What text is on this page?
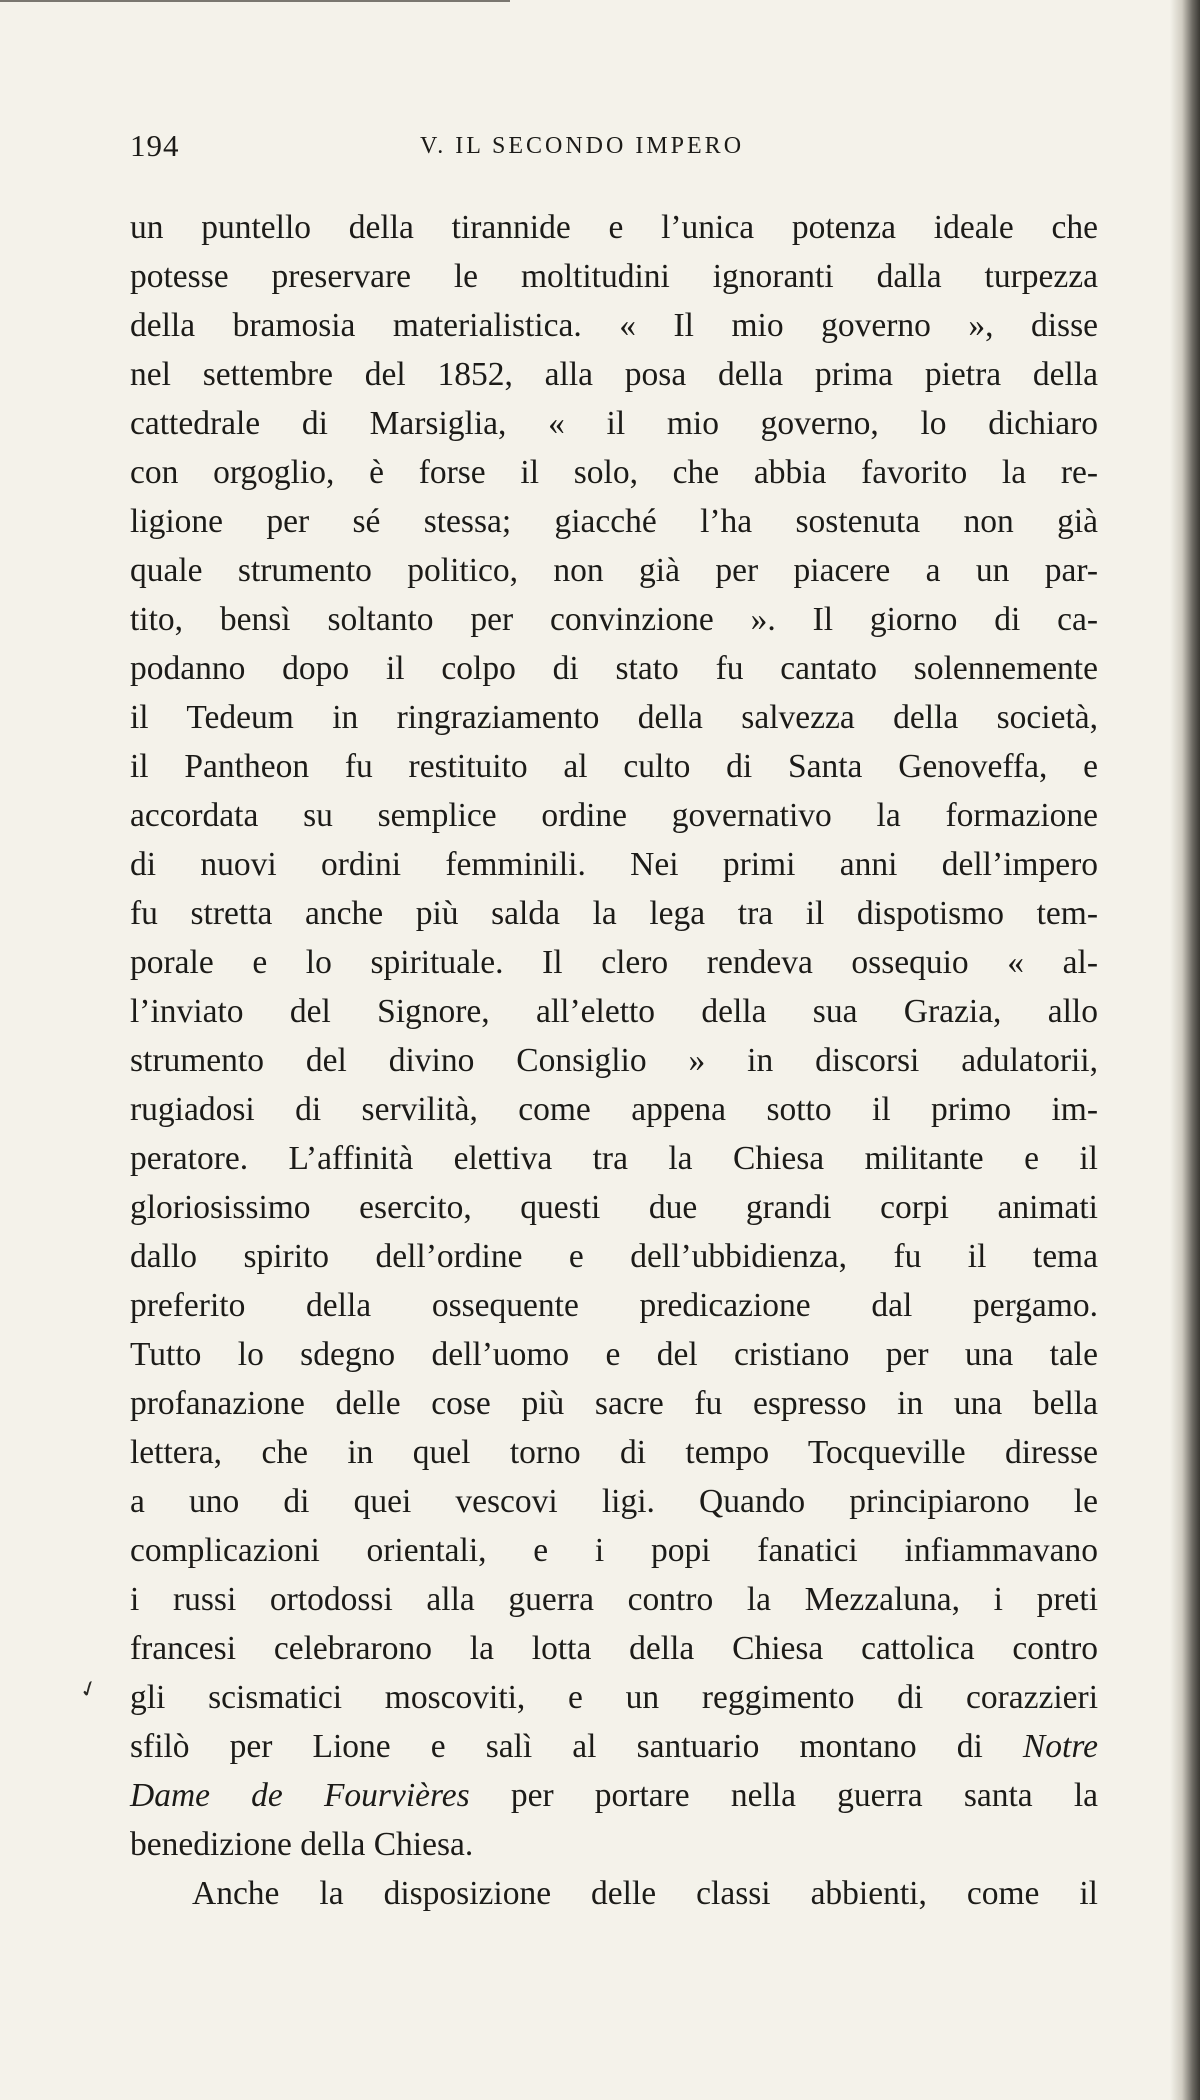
194	V. IL SECONDO IMPERO
un puntello della tirannide e l’unica potenza ideale che
potesse preservare le moltitudini ignoranti dalla turpezza
della bramosia materialistica. « Il mio governo », disse
nel settembre del 1852, alla posa della prima pietra della
cattedrale di Marsiglia, « il mio governo, lo dichiaro
con orgoglio, è forse il solo, che abbia favorito la re-
ligione per sé stessa; giacché l’ha sostenuta non già
quale strumento politico, non già per piacere a un par-
tito, bensì soltanto per convinzione ». Il giorno di ca-
podanno dopo il colpo di stato fu cantato solennemente
il Tedeum in ringraziamento della salvezza della società,
il Pantheon fu restituito al culto di Santa Genoveffa, e
accordata su semplice ordine governativo la formazione
di nuovi ordini femminili. Nei primi anni dell’impero
fu stretta anche più salda la lega tra il dispotismo tem-
porale e lo spirituale. Il clero rendeva ossequio « al-
l’inviato del Signore, all’eletto della sua Grazia, allo
strumento del divino Consiglio » in discorsi adulatorii,
rugiadosi di servilità, come appena sotto il primo im-
peratore. L’affinità elettiva tra la Chiesa militante e il
gloriosissimo esercito, questi due grandi corpi animati
dallo spirito dell’ordine e dell’ubbidienza, fu il tema
preferito della ossequente predicazione dal pergamo.
Tutto lo sdegno dell’uomo e del cristiano per una tale
profanazione delle cose più sacre fu espresso in una bella
lettera, che in quel torno di tempo Tocqueville diresse
a uno di quei vescovi ligi. Quando principiarono le
complicazioni orientali, e i popi fanatici infiammavano
i russi ortodossi alla guerra contro la Mezzaluna, i preti
francesi celebrarono la lotta della Chiesa cattolica contro
gli scismatici moscoviti, e un reggimento di corazzieri
sfilò per Lione e salì al santuario montano di Notre
Dame de Fourvières per portare nella guerra santa la
benedizione della Chiesa.
Anche la disposizione delle classi abbienti, come il
✓
